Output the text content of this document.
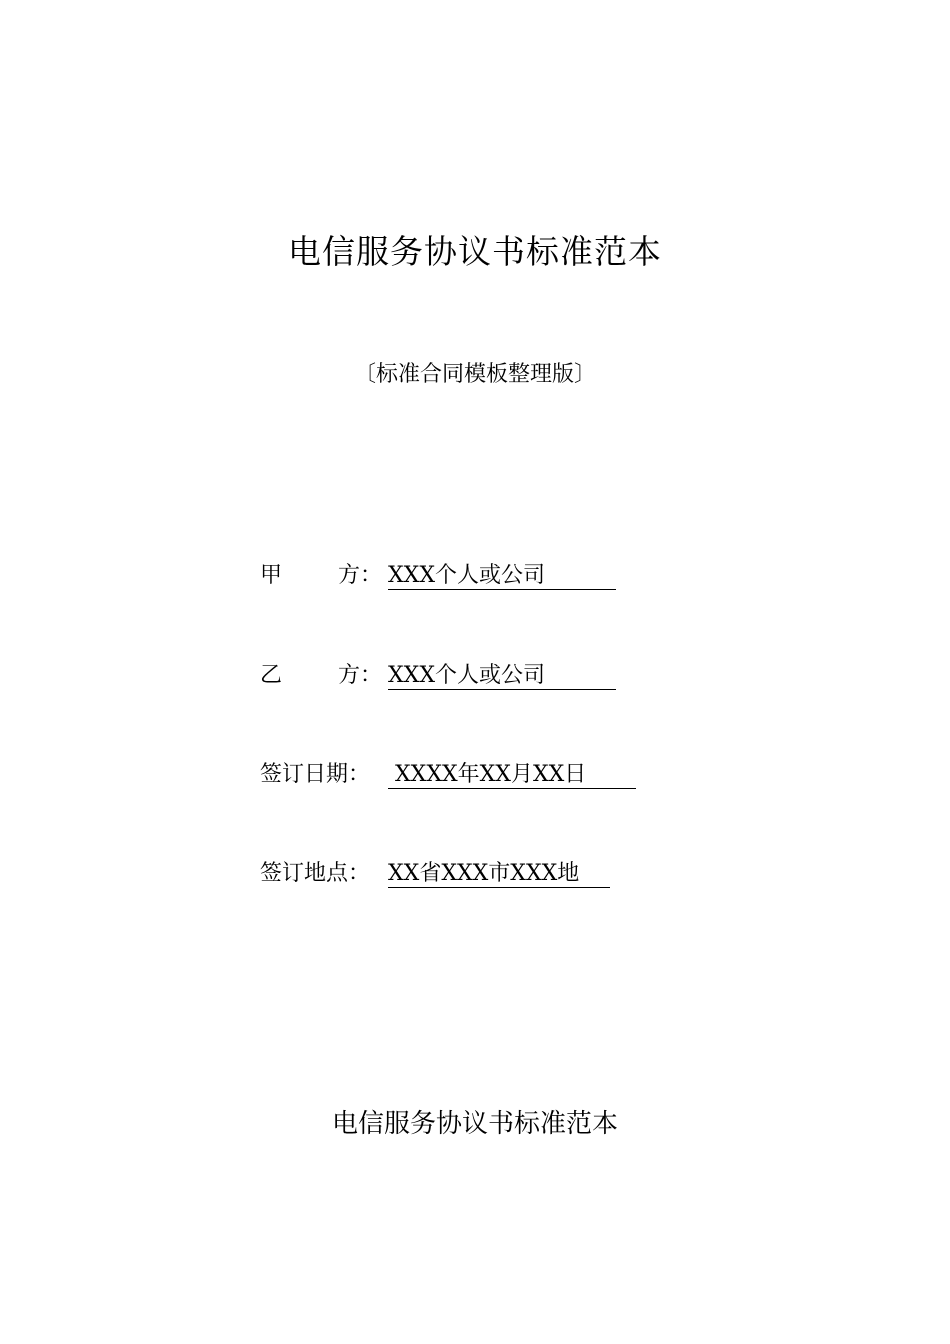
电信服务协议书标准范本
〔标准合同模板整理版〕
甲	方： XXX个人或公司
乙	方： XXX个人或公司
签订日期： XXXX年XX月XX日
签订地点： XX省XXX市XXX地
电信服务协议书标准范本
